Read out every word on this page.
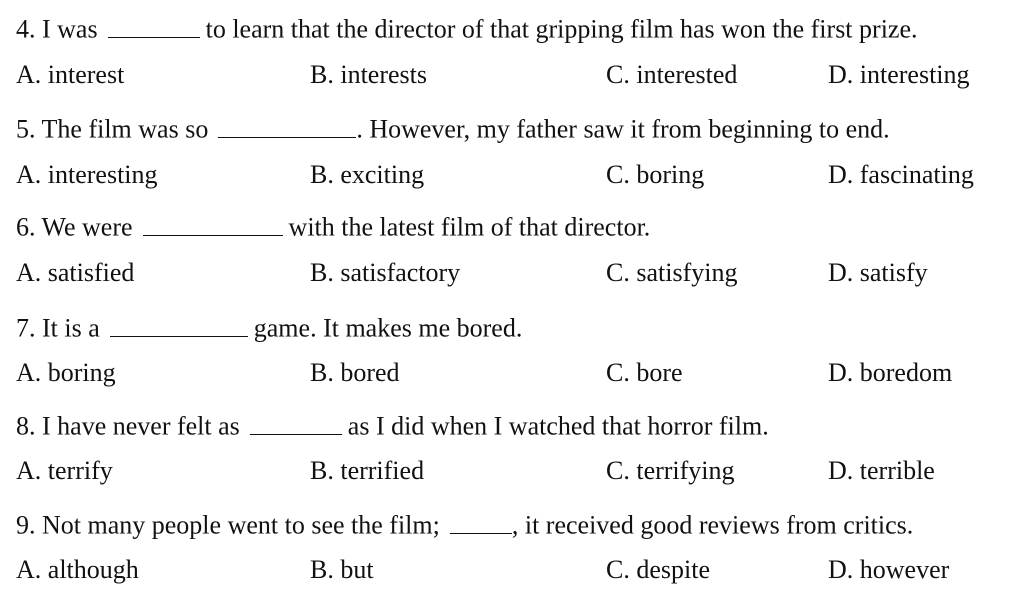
4. I was	to learn that the director of that gripping film has won the first prize.
A. interest	B. interests	C. interested	D. interesting
5. The film was so	. However, my father saw it from beginning to end.
A. interesting	B. exciting	C. boring	D. fascinating
6. We were	with the latest film of that director.
A. satisfied	B. satisfactory	C. satisfying	D. satisfy
7. It is a	game. It makes me bored.
A. boring	B. bored	C. bore	D. boredom
8. I have never felt as	as I did when I watched that horror film.
A. terrify	B. terrified	C. terrifying	D. terrible
9. Not many people went to see the film;	, it received good reviews from critics.
A. although	B. but	C. despite	D. however
